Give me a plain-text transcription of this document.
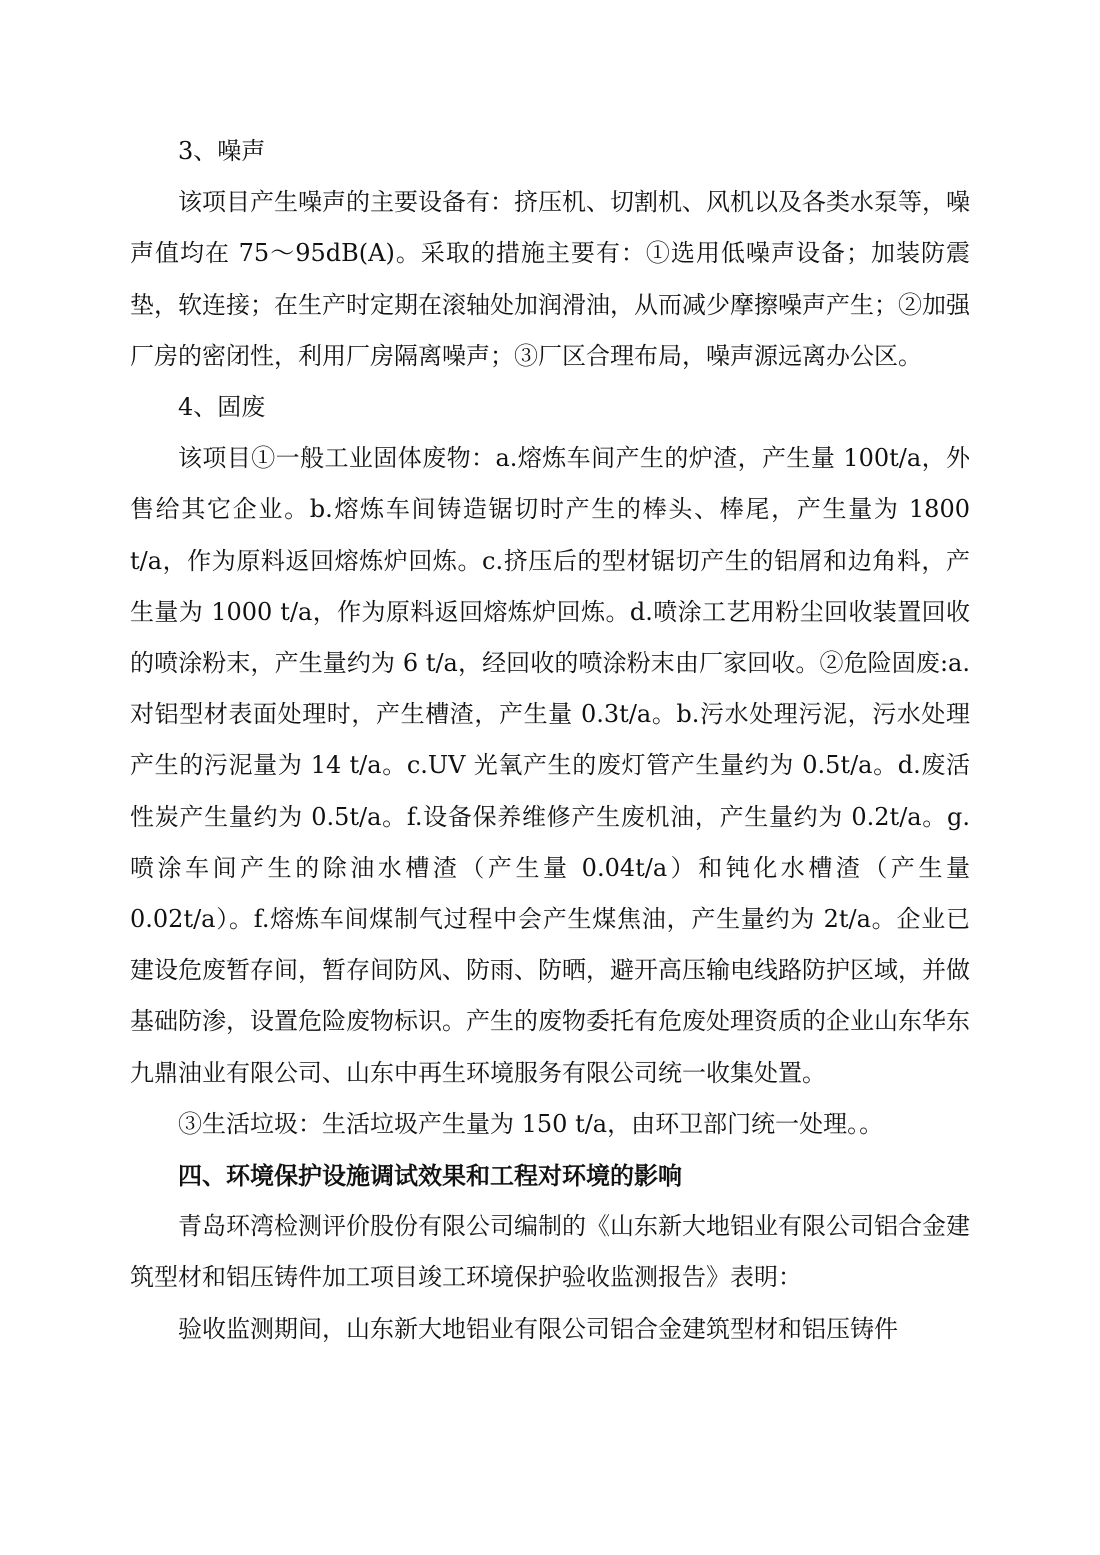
3、噪声

该项目产生噪声的主要设备有：挤压机、切割机、风机以及各类水泵等，噪声值均在 75～95dB(A)。采取的措施主要有：①选用低噪声设备；加装防震垫，软连接；在生产时定期在滚轴处加润滑油，从而减少摩擦噪声产生；②加强厂房的密闭性，利用厂房隔离噪声；③厂区合理布局，噪声源远离办公区。

4、固废

该项目①一般工业固体废物：a.熔炼车间产生的炉渣，产生量 100t/a，外售给其它企业。b.熔炼车间铸造锯切时产生的棒头、棒尾，产生量为 1800 t/a，作为原料返回熔炼炉回炼。c.挤压后的型材锯切产生的铝屑和边角料，产生量为 1000 t/a，作为原料返回熔炼炉回炼。d.喷涂工艺用粉尘回收装置回收的喷涂粉末，产生量约为 6 t/a，经回收的喷涂粉末由厂家回收。②危险固废:a.对铝型材表面处理时，产生槽渣，产生量 0.3t/a。b.污水处理污泥，污水处理产生的污泥量为 14 t/a。c.UV 光氧产生的废灯管产生量约为 0.5t/a。d.废活性炭产生量约为 0.5t/a。f.设备保养维修产生废机油，产生量约为 0.2t/a。g.喷涂车间产生的除油水槽渣（产生量 0.04t/a）和钝化水槽渣（产生量 0.02t/a）。f.熔炼车间煤制气过程中会产生煤焦油，产生量约为 2t/a。企业已建设危废暂存间，暂存间防风、防雨、防晒，避开高压输电线路防护区域，并做基础防渗，设置危险废物标识。产生的废物委托有危废处理资质的企业山东华东九鼎油业有限公司、山东中再生环境服务有限公司统一收集处置。

③生活垃圾：生活垃圾产生量为 150 t/a，由环卫部门统一处理。。

四、环境保护设施调试效果和工程对环境的影响

青岛环湾检测评价股份有限公司编制的《山东新大地铝业有限公司铝合金建筑型材和铝压铸件加工项目竣工环境保护验收监测报告》表明：

验收监测期间，山东新大地铝业有限公司铝合金建筑型材和铝压铸件
